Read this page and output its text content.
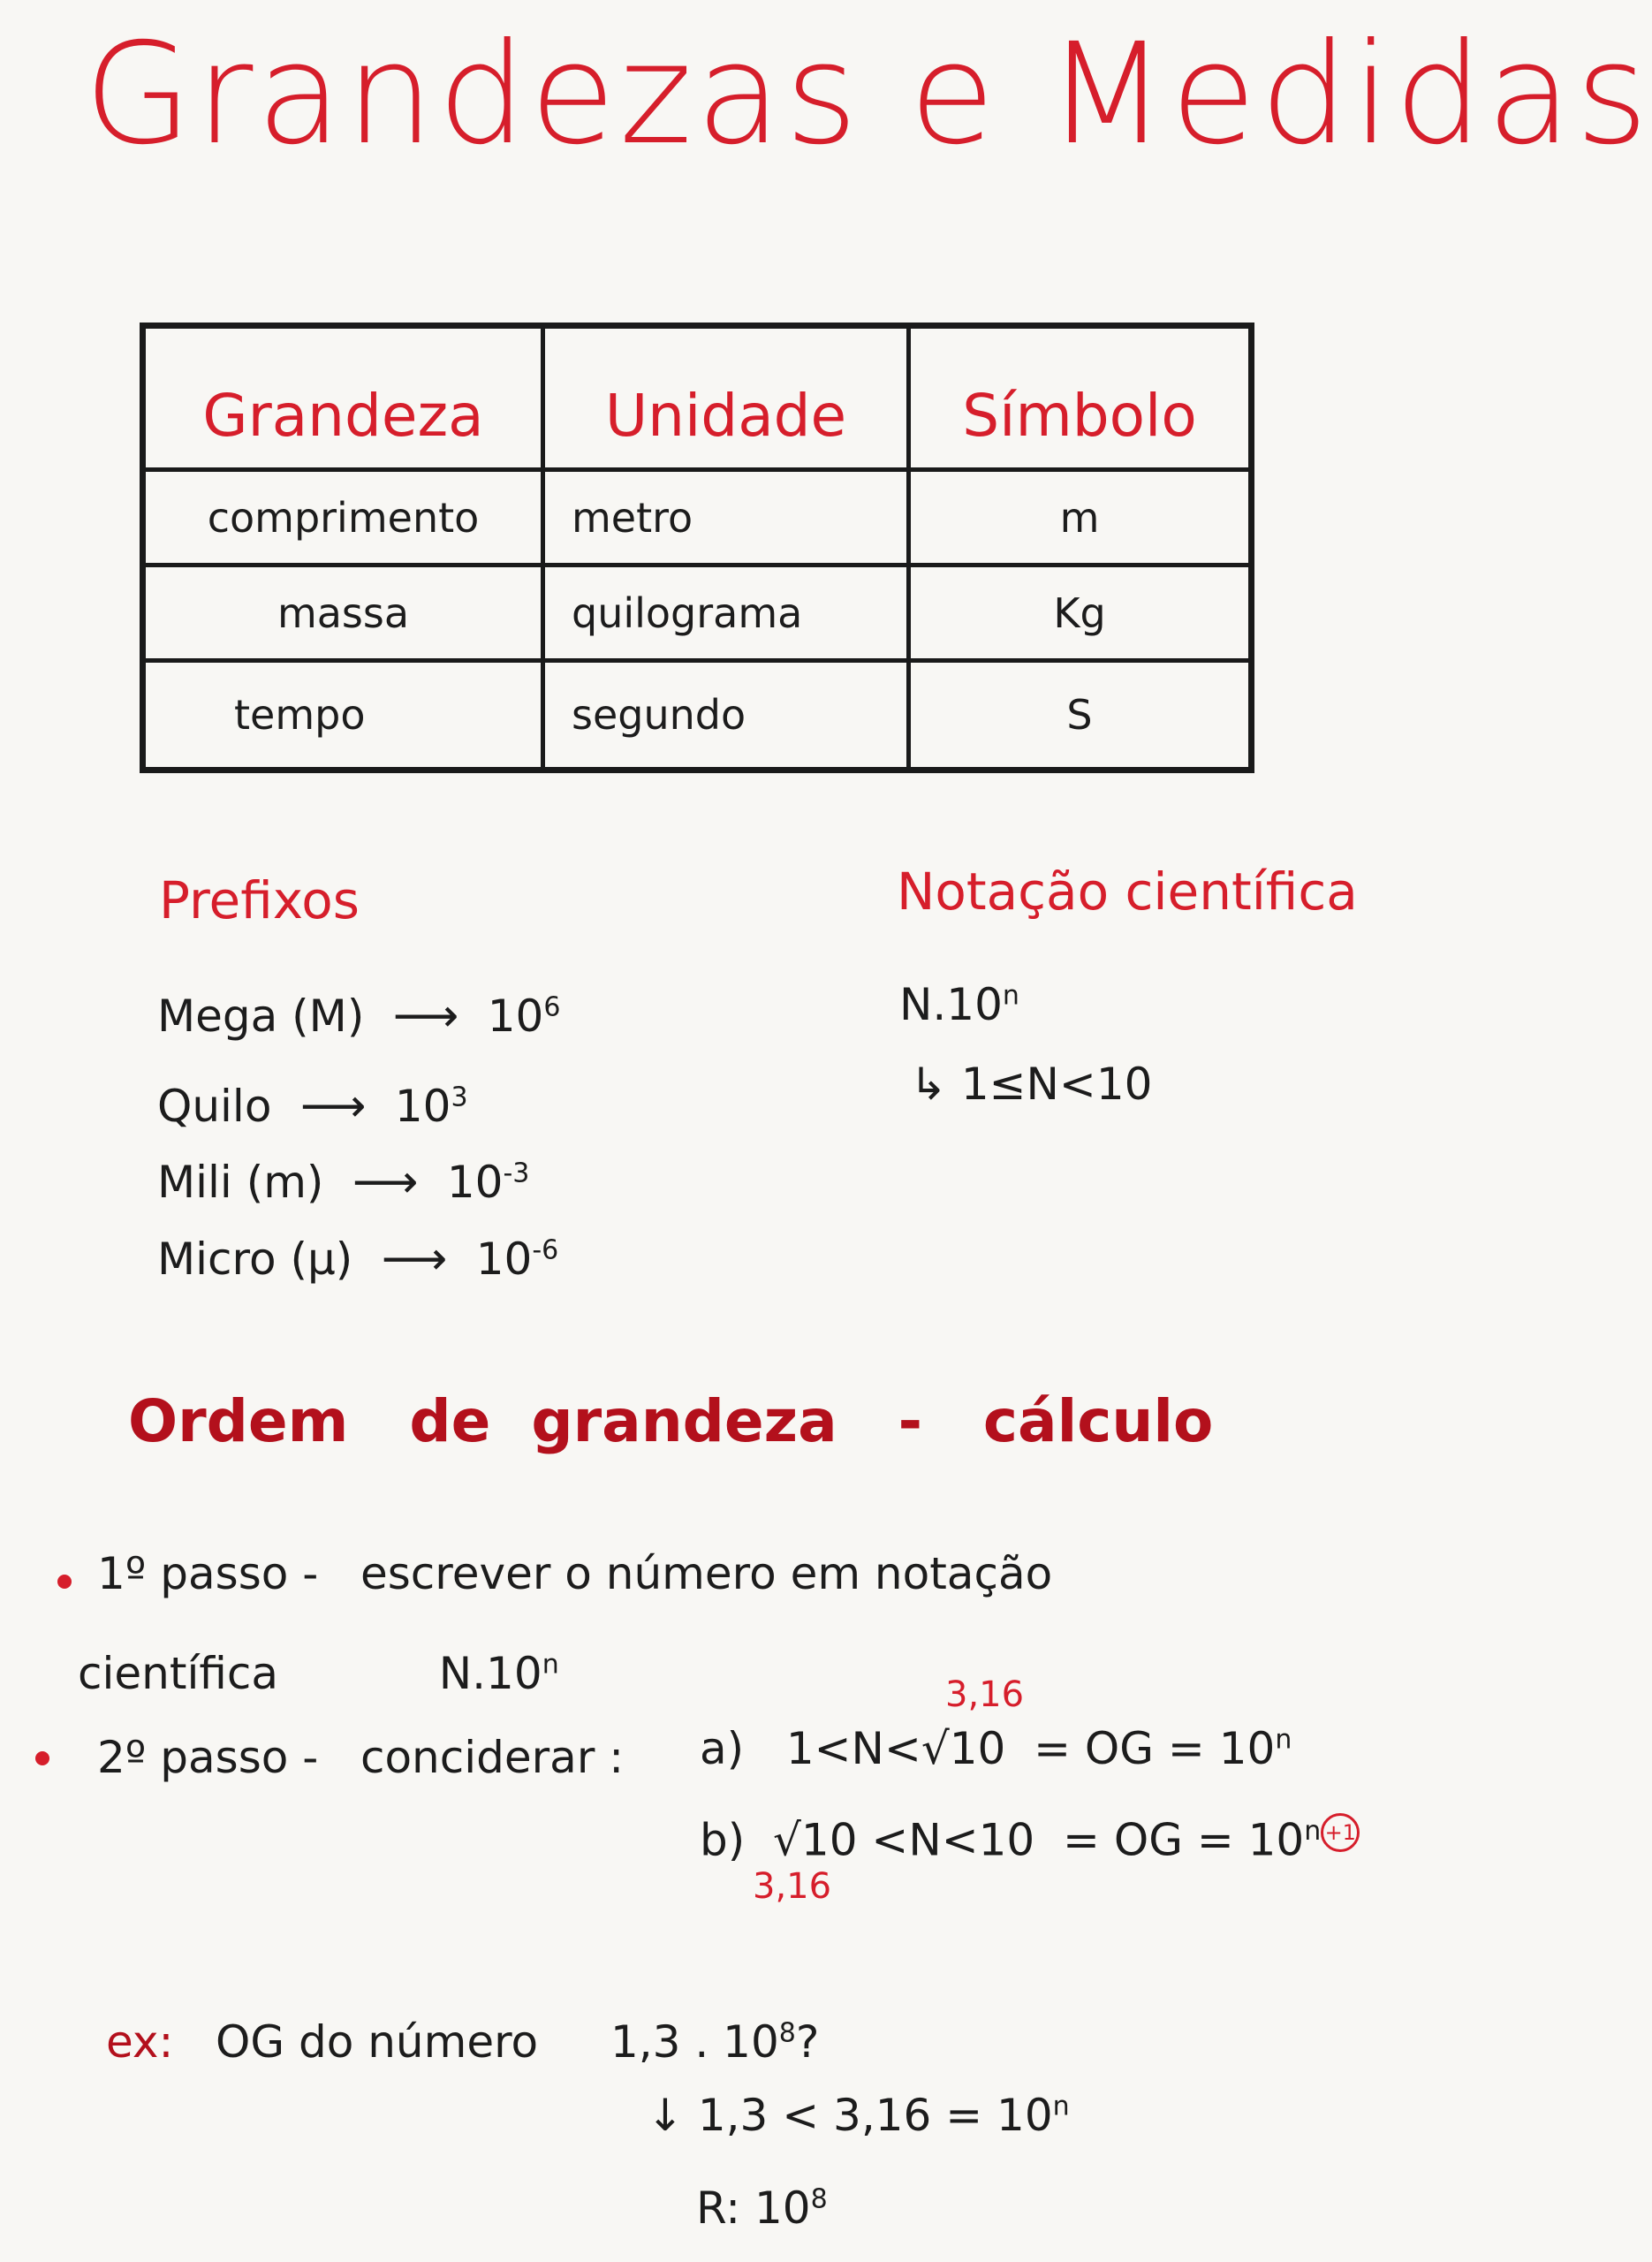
Grandezas e Medidas
Grandeza	Unidade	Símbolo
comprimento	metro	m
massa	quilograma	Kg
tempo	segundo	S
Prefixos
Mega (M)  ⟶  $10^6$
Quilo  ⟶  $10^3$
Mili (m)  ⟶  $10^{-3}$
Micro (μ)  ⟶  $10^{-6}$
Notação científica
N.10$^n$
↳ 1≤N<10
Ordem de grandeza - cálculo
1º passo - escrever o número em notação
científica	N.10$^n$
2º passo - conciderar :
3,16
a) 1<N<√10 = OG = $10^n$
b) √10 <N<10 = OG = $10^n +1$
3,16
ex: OG do número 1,3 . $10^8$?
↓ $1,3 < 3,16 = 10^n$
R: $10^8$
